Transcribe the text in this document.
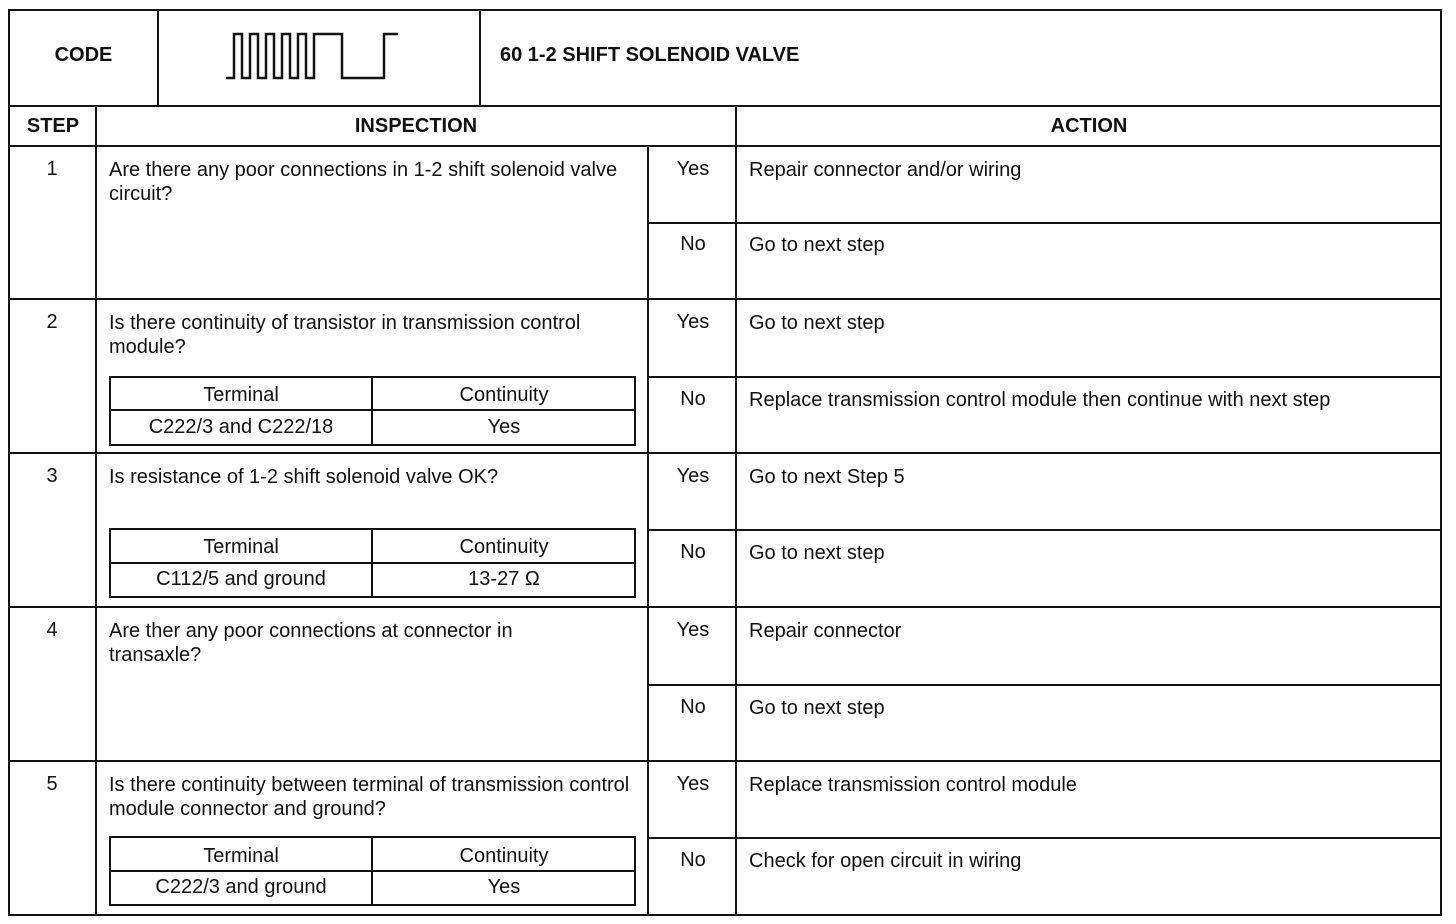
CODE	60 1-2 SHIFT SOLENOID VALVE
STEP	INSPECTION	ACTION
1	Are there any poor connections in 1-2 shift solenoid valve circuit?
Yes	Repair connector and/or wiring
No	Go to next step
2	Is there continuity of transistor in transmission control module?
Terminal	Continuity
C222/3 and C222/18	Yes
Yes	Go to next step
No	Replace transmission control module then continue with next step
3	Is resistance of 1-2 shift solenoid valve OK?
Terminal	Continuity
C112/5 and ground	13-27 Ω
Yes	Go to next Step 5
No	Go to next step
4	Are ther any poor connections at connector in transaxle?
Yes	Repair connector
No	Go to next step
5	Is there continuity between terminal of transmission control module connector and ground?
Terminal	Continuity
C222/3 and ground	Yes
Yes	Replace transmission control module
No	Check for open circuit in wiring
